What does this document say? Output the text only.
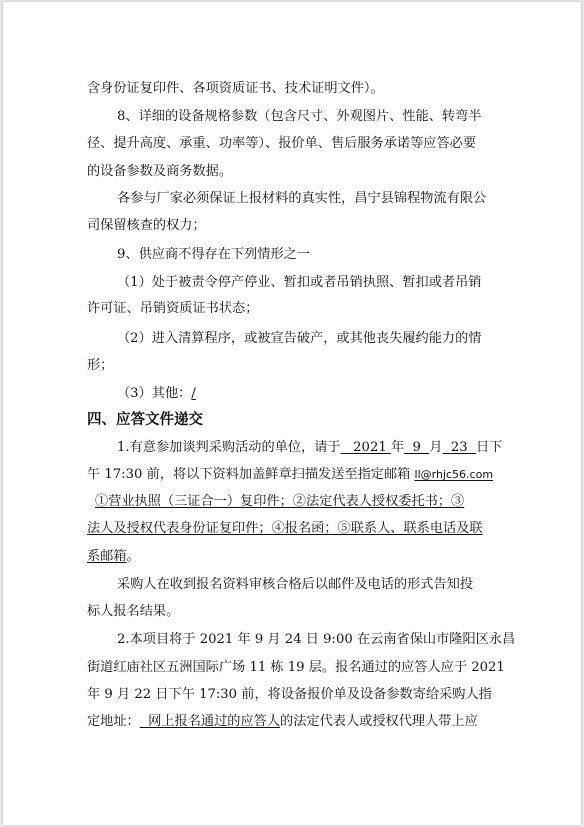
含身份证复印件、各项资质证书、技术证明文件）。
8、详细的设备规格参数（包含尺寸、外观图片、性能、转弯半
径、提升高度、承重、功率等）、报价单、售后服务承诺等应答必要
的设备参数及商务数据。
各参与厂家必须保证上报材料的真实性，昌宁县锦程物流有限公
司保留核查的权力；
9、供应商不得存在下列情形之一
（1）处于被责令停产停业、暂扣或者吊销执照、暂扣或者吊销
许可证、吊销资质证书状态；
（2）进入清算程序，或被宣告破产，或其他丧失履约能力的情
形；
（3）其他：/
四、应答文件递交
1.有意参加谈判采购活动的单位，请于 2021 年 9 月 23 日下
午 17:30 前，将以下资料加盖鲜章扫描发送至指定邮箱 ll@rhjc56.com
①营业执照（三证合一）复印件；②法定代表人授权委托书；③
法人及授权代表身份证复印件；④报名函；⑤联系人、联系电话及联
系邮箱。
采购人在收到报名资料审核合格后以邮件及电话的形式告知投
标人报名结果。
2.本项目将于 2021 年 9 月 24 日 9:00 在云南省保山市隆阳区永昌
街道红庙社区五洲国际广场 11 栋 19 层。报名通过的应答人应于 2021
年 9 月 22 日下午 17:30 前，将设备报价单及设备参数寄给采购人指
定地址： 网上报名通过的应答人的法定代表人或授权代理人带上应
